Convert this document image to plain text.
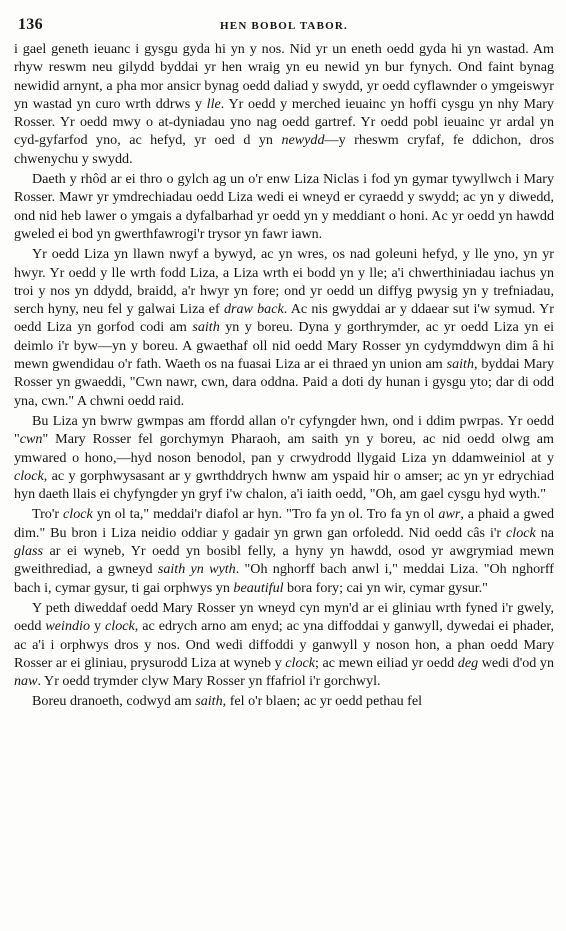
136	HEN BOBOL TABOR.

i gael geneth ieuanc i gysgu gyda hi yn y nos. Nid yr un eneth oedd gyda hi yn wastad. Am rhyw reswm neu gilydd byddai yr hen wraig yn eu newid yn bur fynych. Ond faint bynag newidid arnynt, a pha mor ansicr bynag oedd daliad y swydd, yr oedd cyflawnder o ymgeiswyr yn wastad yn curo wrth ddrws y lle. Yr oedd y merched ieuainc yn hoffi cysgu yn nhy Mary Rosser. Yr oedd mwy o at-dyniadau yno nag oedd gartref. Yr oedd pobl ieuainc yr ardal yn cyd-gyfarfod yno, ac hefyd, yr oed d yn newydd—y rheswm cryfaf, fe ddichon, dros chwenychu y swydd.

Daeth y rhôd ar ei thro o gylch ag un o'r enw Liza Niclas i fod yn gymar tywyllwch i Mary Rosser. Mawr yr ymdrechiadau oedd Liza wedi ei wneyd er cyraedd y swydd; ac yn y diwedd, ond nid heb lawer o ymgais a dyfalbarhad yr oedd yn y meddiant o honi. Ac yr oedd yn hawdd gweled ei bod yn gwerthfawrogi'r trysor yn fawr iawn.

Yr oedd Liza yn llawn nwyf a bywyd, ac yn wres, os nad goleuni hefyd, y lle yno, yn yr hwyr. Yr oedd y lle wrth fodd Liza, a Liza wrth ei bodd yn y lle; a'i chwerthiniadau iachus yn troi y nos yn ddydd, braidd, a'r hwyr yn fore; ond yr oedd un diffyg pwysig yn y trefniadau, serch hyny, neu fel y galwai Liza ef draw back. Ac nis gwyddai ar y ddaear sut i'w symud. Yr oedd Liza yn gorfod codi am saith yn y boreu. Dyna y gorthrymder, ac yr oedd Liza yn ei deimlo i'r byw—yn y boreu. A gwaethaf oll nid oedd Mary Rosser yn cydymddwyn dim â hi mewn gwendidau o'r fath. Waeth os na fuasai Liza ar ei thraed yn union am saith, byddai Mary Rosser yn gwaeddi, "Cwn nawr, cwn, dara oddna. Paid a doti dy hunan i gysgu yto; dar di odd yna, cwn." A chwni oedd raid.

Bu Liza yn bwrw gwmpas am ffordd allan o'r cyfyngder hwn, ond i ddim pwrpas. Yr oedd "cwn" Mary Rosser fel gorchymyn Pharaoh, am saith yn y boreu, ac nid oedd olwg am ymwared o hono,—hyd noson benodol, pan y crwydrodd llygaid Liza yn ddamweiniol at y clock, ac y gorphwysasant ar y gwrthddrych hwnw am yspaid hir o amser; ac yn yr edrychiad hyn daeth llais ei chyfyngder yn gryf i'w chalon, a'i iaith oedd, "Oh, am gael cysgu hyd wyth."

Tro'r clock yn ol ta," meddai'r diafol ar hyn. "Tro fa yn ol. Tro fa yn ol awr, a phaid a gwed dim." Bu bron i Liza neidio oddiar y gadair yn grwn gan orfoledd. Nid oedd câs i'r clock na glass ar ei wyneb, Yr oedd yn bosibl felly, a hyny yn hawdd, osod yr awgrymiad mewn gweithrediad, a gwneyd saith yn wyth. "Oh nghorff bach anwl i," meddai Liza. "Oh nghorff bach i, cymar gysur, ti gai orphwys yn beautiful bora fory; cai yn wir, cymar gysur."

Y peth diweddaf oedd Mary Rosser yn wneyd cyn myn'd ar ei gliniau wrth fyned i'r gwely, oedd weindio y clock, ac edrych arno am enyd; ac yna diffoddai y ganwyll, dywedai ei phader, ac a'i i orphwys dros y nos. Ond wedi diffoddi y ganwyll y noson hon, a phan oedd Mary Rosser ar ei gliniau, prysurodd Liza at wyneb y clock; ac mewn eiliad yr oedd deg wedi d'od yn naw. Yr oedd trymder clyw Mary Rosser yn ffafriol i'r gorchwyl.

Boreu dranoeth, codwyd am saith, fel o'r blaen; ac yr oedd pethau fel
